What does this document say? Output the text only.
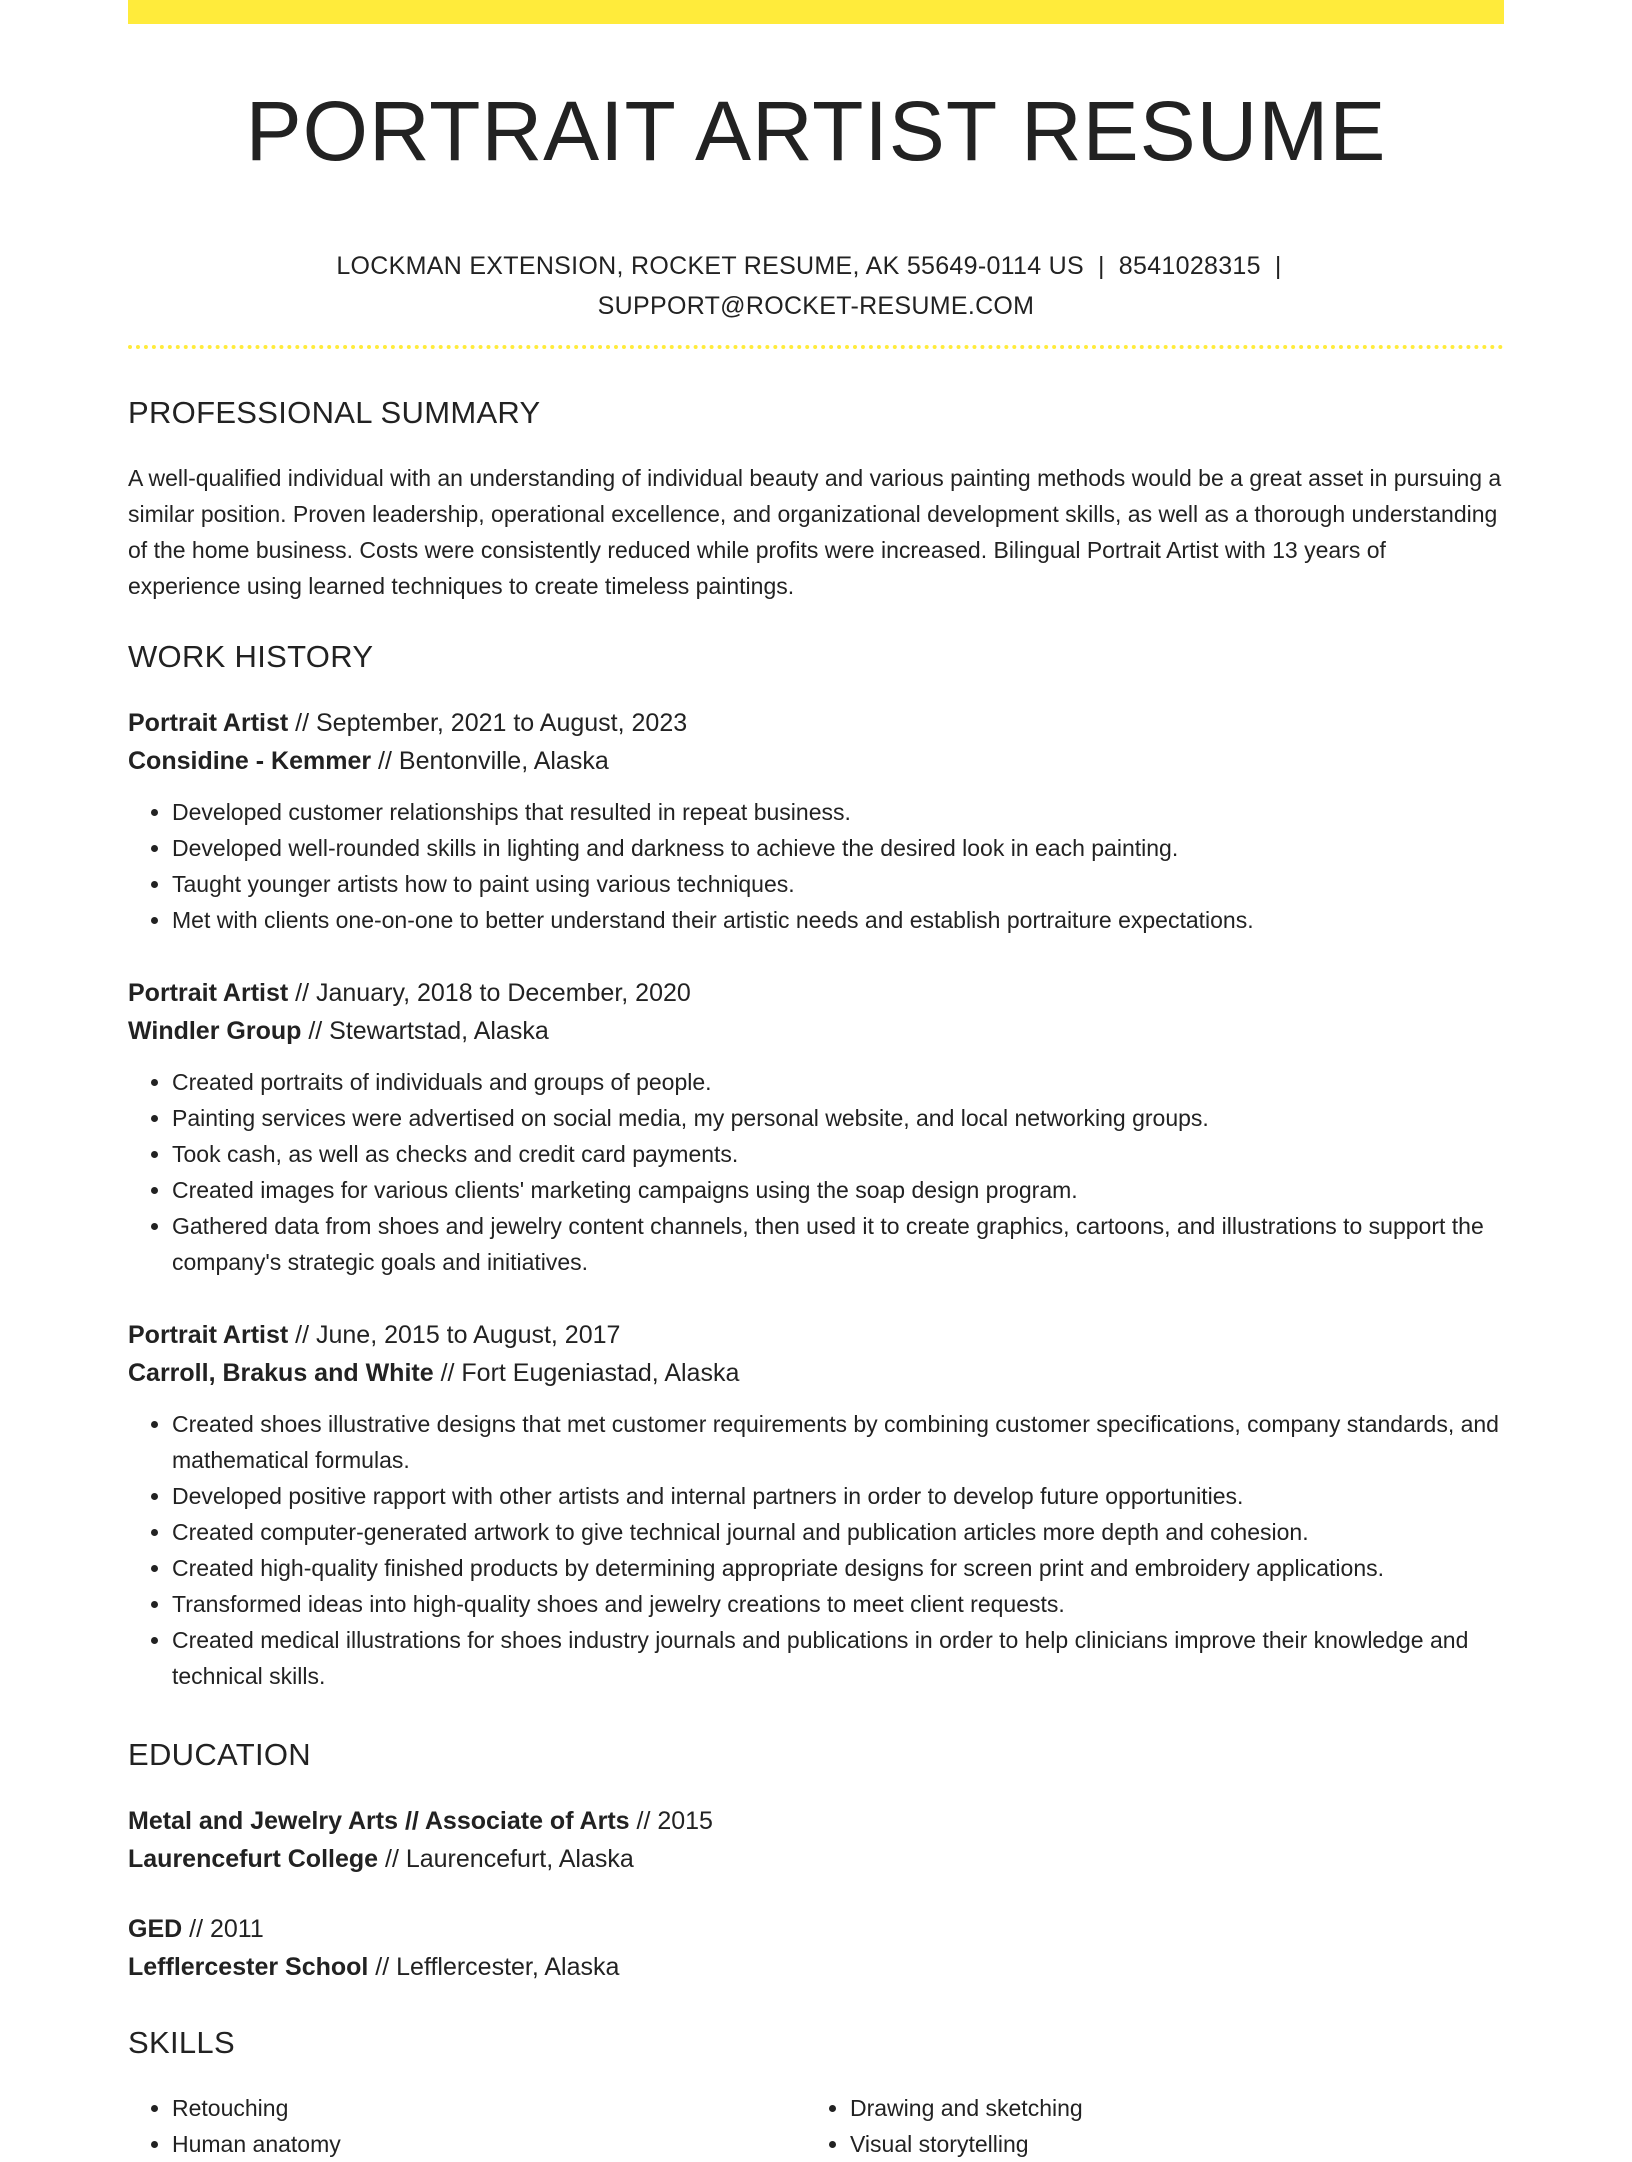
PORTRAIT ARTIST RESUME
LOCKMAN EXTENSION, ROCKET RESUME, AK 55649-0114 US | 8541028315 |
SUPPORT@ROCKET-RESUME.COM
PROFESSIONAL SUMMARY

A well-qualified individual with an understanding of individual beauty and various painting methods would be a great asset in pursuing a similar position. Proven leadership, operational excellence, and organizational development skills, as well as a thorough understanding of the home business. Costs were consistently reduced while profits were increased. Bilingual Portrait Artist with 13 years of experience using learned techniques to create timeless paintings.

WORK HISTORY
Portrait Artist // September, 2021 to August, 2023
Considine - Kemmer // Bentonville, Alaska
• Developed customer relationships that resulted in repeat business.
• Developed well-rounded skills in lighting and darkness to achieve the desired look in each painting.
• Taught younger artists how to paint using various techniques.
• Met with clients one-on-one to better understand their artistic needs and establish portraiture expectations.
Portrait Artist // January, 2018 to December, 2020
Windler Group // Stewartstad, Alaska
• Created portraits of individuals and groups of people.
• Painting services were advertised on social media, my personal website, and local networking groups.
• Took cash, as well as checks and credit card payments.
• Created images for various clients' marketing campaigns using the soap design program.
• Gathered data from shoes and jewelry content channels, then used it to create graphics, cartoons, and illustrations to support the company's strategic goals and initiatives.
Portrait Artist // June, 2015 to August, 2017
Carroll, Brakus and White // Fort Eugeniastad, Alaska
• Created shoes illustrative designs that met customer requirements by combining customer specifications, company standards, and mathematical formulas.
• Developed positive rapport with other artists and internal partners in order to develop future opportunities.
• Created computer-generated artwork to give technical journal and publication articles more depth and cohesion.
• Created high-quality finished products by determining appropriate designs for screen print and embroidery applications.
• Transformed ideas into high-quality shoes and jewelry creations to meet client requests.
• Created medical illustrations for shoes industry journals and publications in order to help clinicians improve their knowledge and technical skills.
EDUCATION
Metal and Jewelry Arts // Associate of Arts // 2015
Laurencefurt College // Laurencefurt, Alaska
GED // 2011
Lefflercester School // Lefflercester, Alaska
SKILLS
• Retouching
• Human anatomy
• Drawing and sketching
• Visual storytelling
